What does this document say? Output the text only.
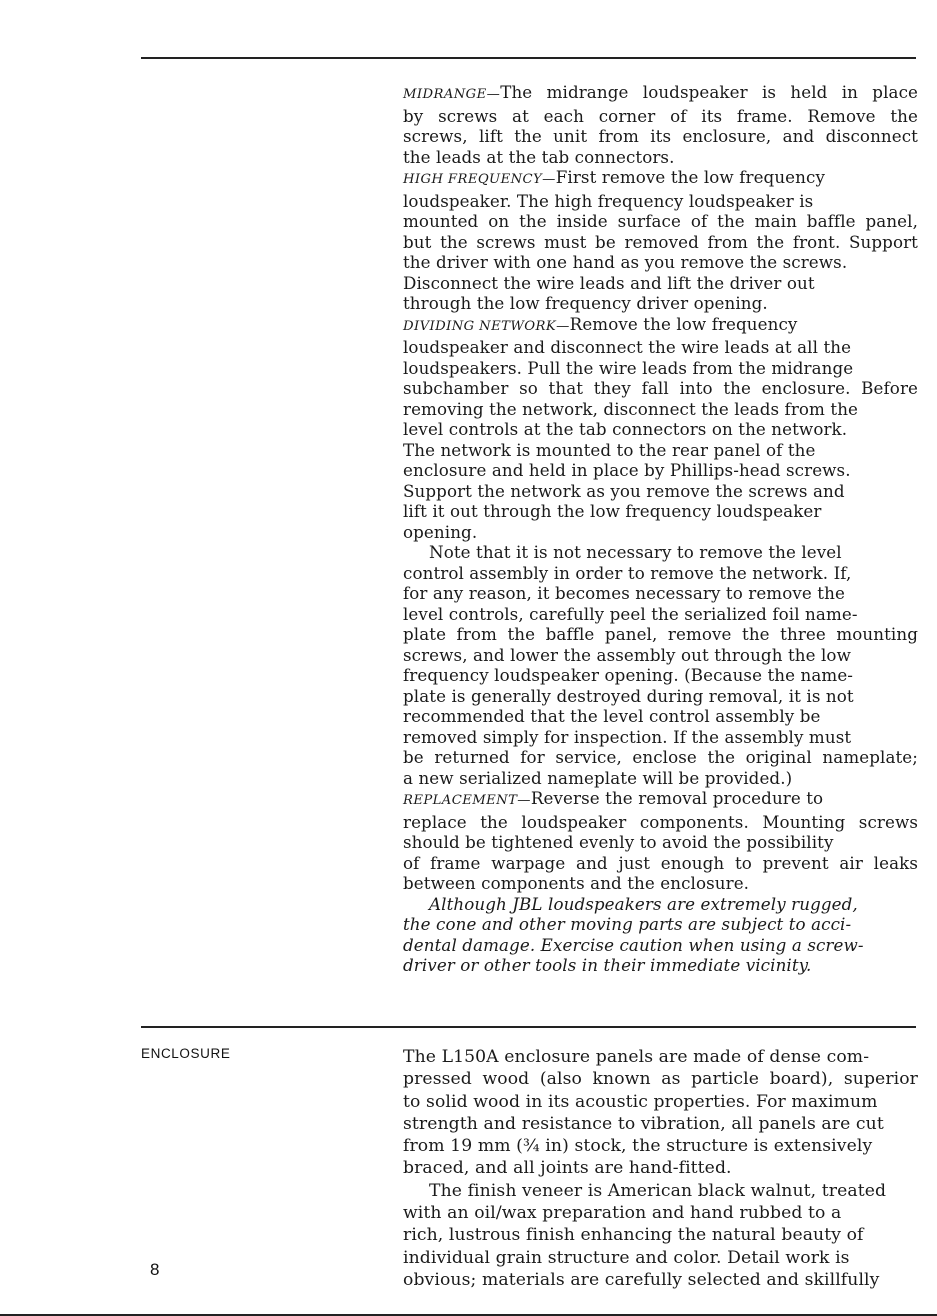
MIDRANGE—The midrange loudspeaker is held in place
by screws at each corner of its frame. Remove the
screws, lift the unit from its enclosure, and disconnect
the leads at the tab connectors.
HIGH FREQUENCY—First remove the low frequency
loudspeaker. The high frequency loudspeaker is
mounted on the inside surface of the main baffle panel,
but the screws must be removed from the front. Support
the driver with one hand as you remove the screws.
Disconnect the wire leads and lift the driver out
through the low frequency driver opening.
DIVIDING NETWORK—Remove the low frequency
loudspeaker and disconnect the wire leads at all the
loudspeakers. Pull the wire leads from the midrange
subchamber so that they fall into the enclosure. Before
removing the network, disconnect the leads from the
level controls at the tab connectors on the network.
The network is mounted to the rear panel of the
enclosure and held in place by Phillips-head screws.
Support the network as you remove the screws and
lift it out through the low frequency loudspeaker
opening.
Note that it is not necessary to remove the level
control assembly in order to remove the network. If,
for any reason, it becomes necessary to remove the
level controls, carefully peel the serialized foil name-
plate from the baffle panel, remove the three mounting
screws, and lower the assembly out through the low
frequency loudspeaker opening. (Because the name-
plate is generally destroyed during removal, it is not
recommended that the level control assembly be
removed simply for inspection. If the assembly must
be returned for service, enclose the original nameplate;
a new serialized nameplate will be provided.)
REPLACEMENT—Reverse the removal procedure to
replace the loudspeaker components. Mounting screws
should be tightened evenly to avoid the possibility
of frame warpage and just enough to prevent air leaks
between components and the enclosure.
Although JBL loudspeakers are extremely rugged,
the cone and other moving parts are subject to acci-
dental damage. Exercise caution when using a screw-
driver or other tools in their immediate vicinity.
ENCLOSURE	The L150A enclosure panels are made of dense com-
pressed wood (also known as particle board), superior
to solid wood in its acoustic properties. For maximum
strength and resistance to vibration, all panels are cut
from 19 mm (¾ in) stock, the structure is extensively
braced, and all joints are hand-fitted.
The finish veneer is American black walnut, treated
with an oil/wax preparation and hand rubbed to a
rich, lustrous finish enhancing the natural beauty of
individual grain structure and color. Detail work is
obvious; materials are carefully selected and skillfully
8
